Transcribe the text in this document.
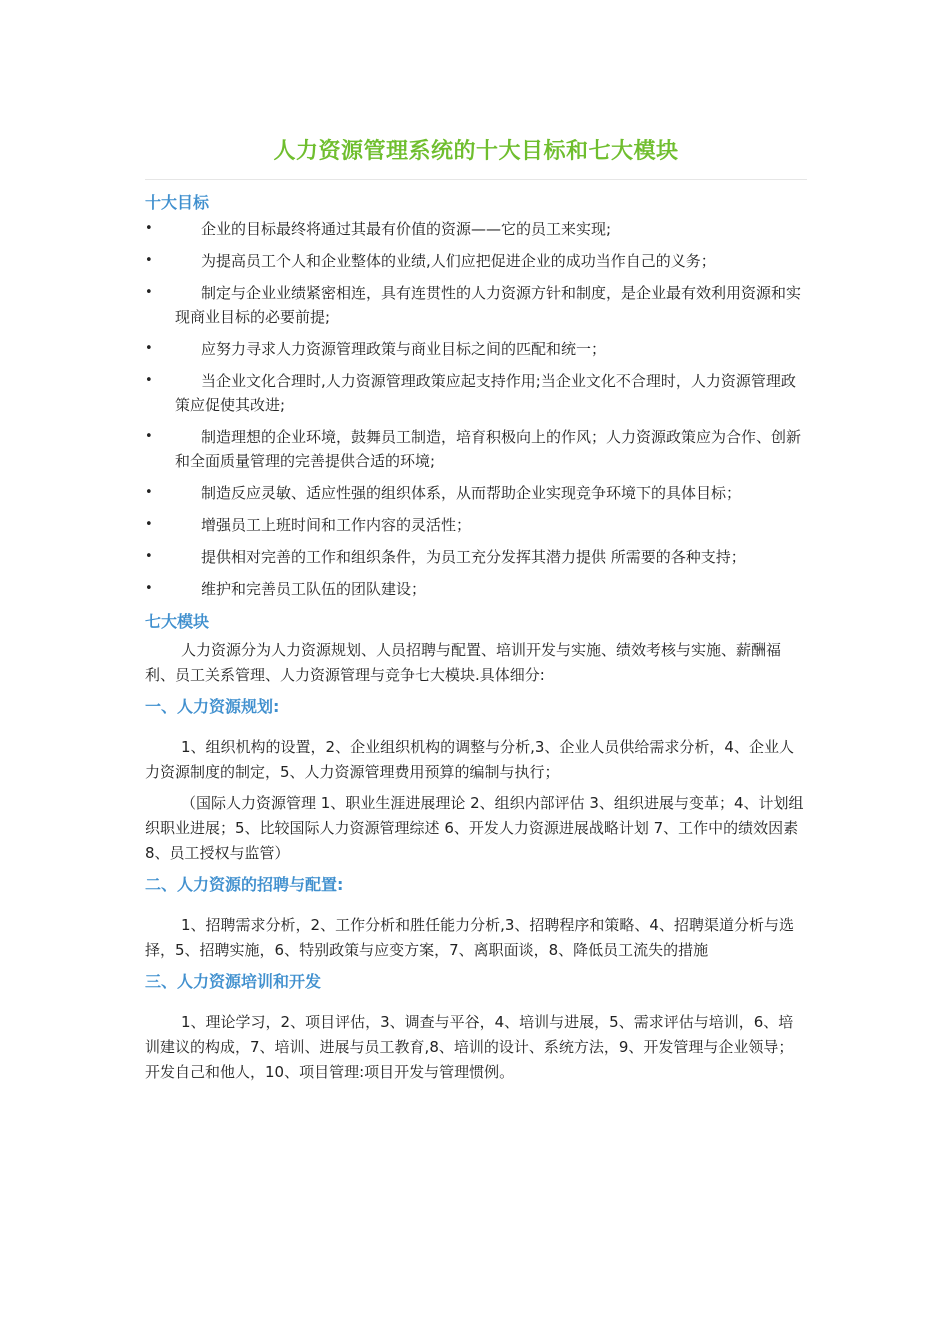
人力资源管理系统的十大目标和七大模块
十大目标
•	企业的目标最终将通过其最有价值的资源——它的员工来实现;
•	为提高员工个人和企业整体的业绩,人们应把促进企业的成功当作自己的义务；
•	制定与企业业绩紧密相连，具有连贯性的人力资源方针和制度，是企业最有效利用资源和实现商业目标的必要前提;
•	应努力寻求人力资源管理政策与商业目标之间的匹配和统一；
•	当企业文化合理时,人力资源管理政策应起支持作用;当企业文化不合理时，人力资源管理政策应促使其改进;
•	制造理想的企业环境，鼓舞员工制造，培育积极向上的作风；人力资源政策应为合作、创新和全面质量管理的完善提供合适的环境;
•	制造反应灵敏、适应性强的组织体系，从而帮助企业实现竞争环境下的具体目标；
•	增强员工上班时间和工作内容的灵活性；
•	提供相对完善的工作和组织条件，为员工充分发挥其潜力提供 所需要的各种支持；
•	维护和完善员工队伍的团队建设；
七大模块

人力资源分为人力资源规划、人员招聘与配置、培训开发与实施、绩效考核与实施、薪酬福利、员工关系管理、人力资源管理与竞争七大模块.具体细分:

一、人力资源规划:

1、组织机构的设置，2、企业组织机构的调整与分析,3、企业人员供给需求分析，4、企业人力资源制度的制定，5、人力资源管理费用预算的编制与执行；

（国际人力资源管理 1、职业生涯进展理论 2、组织内部评估 3、组织进展与变革；4、计划组织职业进展；5、比较国际人力资源管理综述 6、开发人力资源进展战略计划 7、工作中的绩效因素 8、员工授权与监管）

二、人力资源的招聘与配置:

1、招聘需求分析，2、工作分析和胜任能力分析,3、招聘程序和策略、4、招聘渠道分析与选择，5、招聘实施，6、特别政策与应变方案，7、离职面谈，8、降低员工流失的措施

三、人力资源培训和开发

1、理论学习，2、项目评估，3、调查与平谷，4、培训与进展，5、需求评估与培训，6、培训建议的构成，7、培训、进展与员工教育,8、培训的设计、系统方法，9、开发管理与企业领导；开发自己和他人，10、项目管理:项目开发与管理惯例。
